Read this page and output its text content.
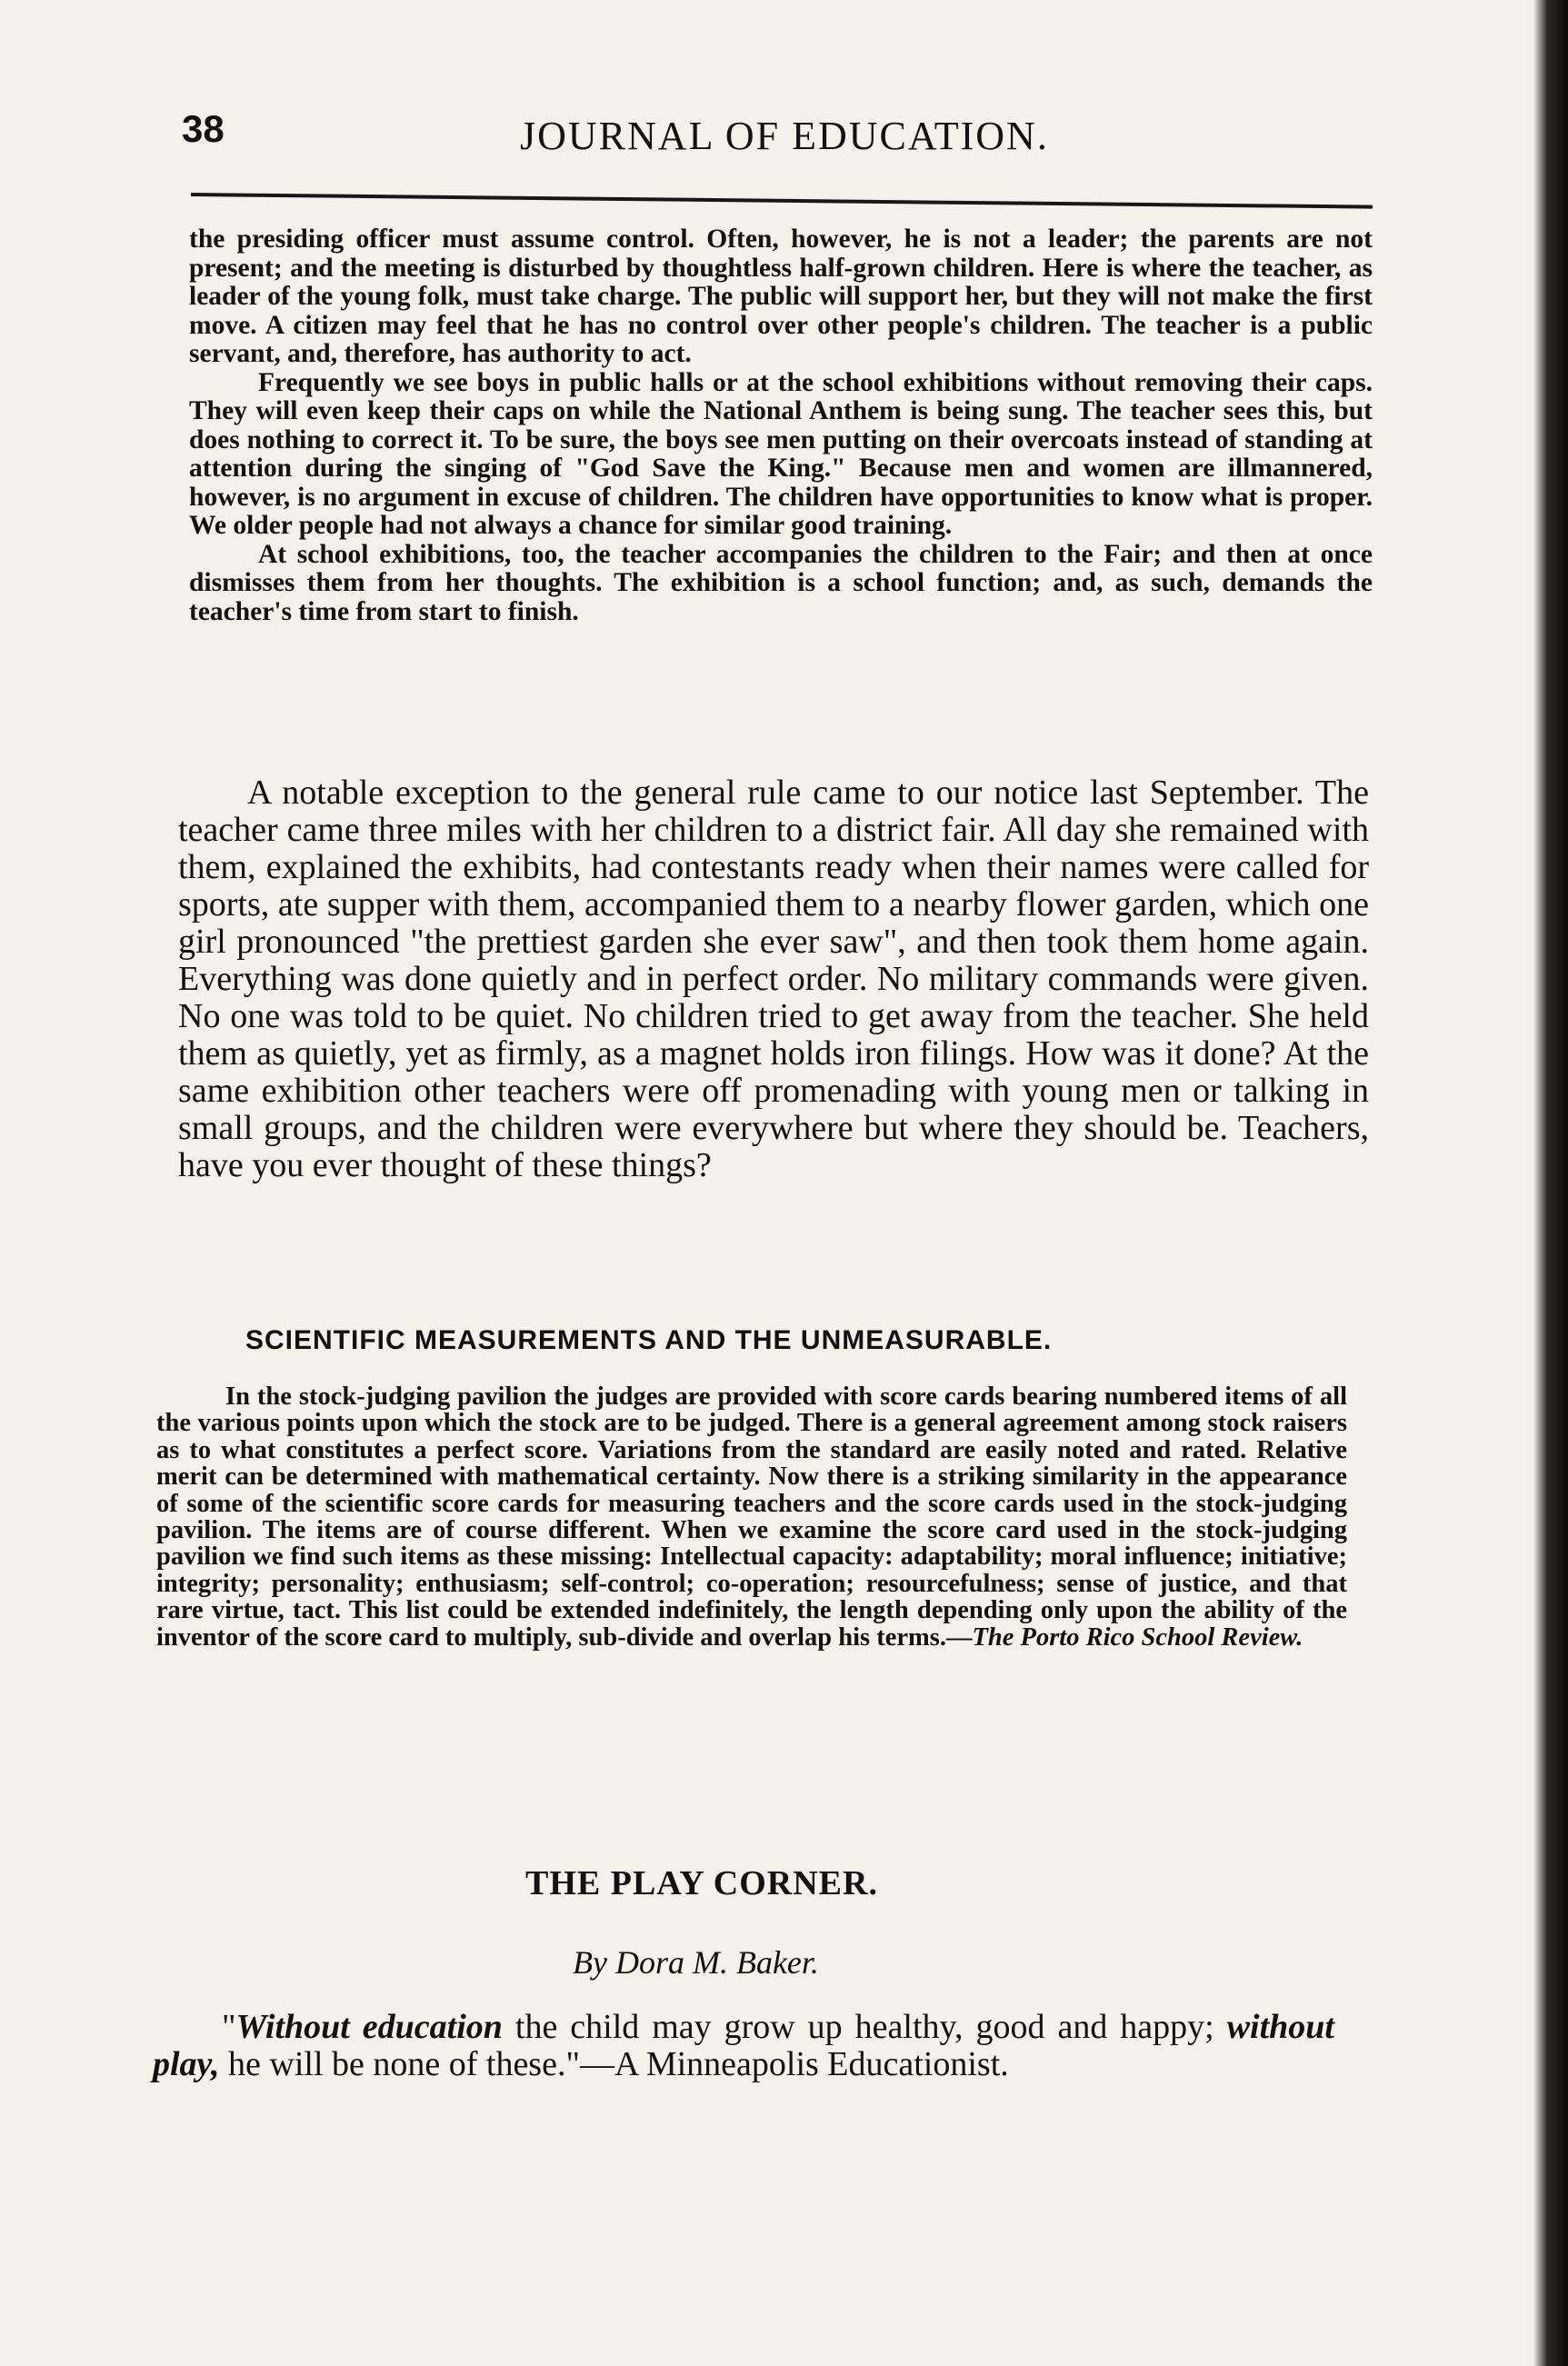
38	JOURNAL OF EDUCATION.

the presiding officer must assume control. Often, however, he is not a leader; the parents are not present; and the meeting is disturbed by thoughtless half-grown children. Here is where the teacher, as leader of the young folk, must take charge. The public will support her, but they will not make the first move. A citizen may feel that he has no control over other people's children. The teacher is a public servant, and, therefore, has authority to act.

Frequently we see boys in public halls or at the school exhibitions without removing their caps. They will even keep their caps on while the National Anthem is being sung. The teacher sees this, but does nothing to correct it. To be sure, the boys see men putting on their overcoats instead of standing at attention during the singing of "God Save the King." Because men and women are illmannered, however, is no argument in excuse of children. The children have opportunities to know what is proper. We older people had not always a chance for similar good training.

At school exhibitions, too, the teacher accompanies the children to the Fair; and then at once dismisses them from her thoughts. The exhibition is a school function; and, as such, demands the teacher's time from start to finish.

A notable exception to the general rule came to our notice last September. The teacher came three miles with her children to a district fair. All day she remained with them, explained the exhibits, had contestants ready when their names were called for sports, ate supper with them, accompanied them to a nearby flower garden, which one girl pronounced "the prettiest garden she ever saw", and then took them home again. Everything was done quietly and in perfect order. No military commands were given. No one was told to be quiet. No children tried to get away from the teacher. She held them as quietly, yet as firmly, as a magnet holds iron filings. How was it done? At the same exhibition other teachers were off promenading with young men or talking in small groups, and the children were everywhere but where they should be. Teachers, have you ever thought of these things?

SCIENTIFIC MEASUREMENTS AND THE UNMEASURABLE.

In the stock-judging pavilion the judges are provided with score cards bearing numbered items of all the various points upon which the stock are to be judged. There is a general agreement among stock raisers as to what constitutes a perfect score. Variations from the standard are easily noted and rated. Relative merit can be determined with mathematical certainty. Now there is a striking similarity in the appearance of some of the scientific score cards for measuring teachers and the score cards used in the stock-judging pavilion. The items are of course different. When we examine the score card used in the stock-judging pavilion we find such items as these missing: Intellectual capacity: adaptability; moral influence; initiative; integrity; personality; enthusiasm; self-control; co-operation; resourcefulness; sense of justice, and that rare virtue, tact. This list could be extended indefinitely, the length depending only upon the ability of the inventor of the score card to multiply, sub-divide and overlap his terms.—The Porto Rico School Review.

THE PLAY CORNER.
By Dora M. Baker.

"Without education the child may grow up healthy, good and happy; without play, he will be none of these."—A Minneapolis Educationist.
